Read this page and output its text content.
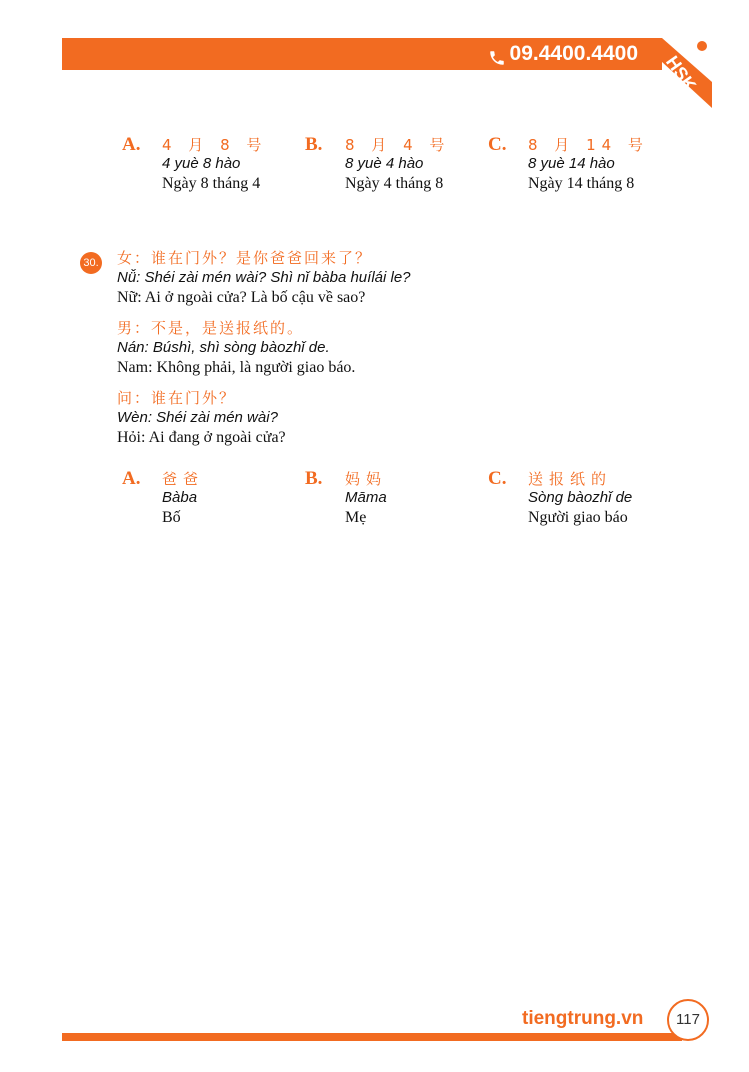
09.4400.4400 HSK
A. 4 月 8 号
4 yuè 8 hào
Ngày 8 tháng 4
B. 8 月 4 号
8 yuè 4 hào
Ngày 4 tháng 8
C. 8 月 14 号
8 yuè 14 hào
Ngày 14 tháng 8
30. 女：谁在门外？是你爸爸回来了？
Nǚ: Shéi zài mén wài? Shì nǐ bàba huílái le?
Nữ: Ai ở ngoài cửa? Là bố cậu về sao?
男：不是，是送报纸的。
Nán: Búshì, shì sòng bàozhǐ de.
Nam: Không phải, là người giao báo.
问：谁在门外？
Wèn: Shéi zài mén wài?
Hỏi: Ai đang ở ngoài cửa?
A. 爸爸
Bàba
Bố
B. 妈妈
Māma
Mẹ
C. 送报纸的
Sòng bàozhǐ de
Người giao báo
tiengtrung.vn	117
